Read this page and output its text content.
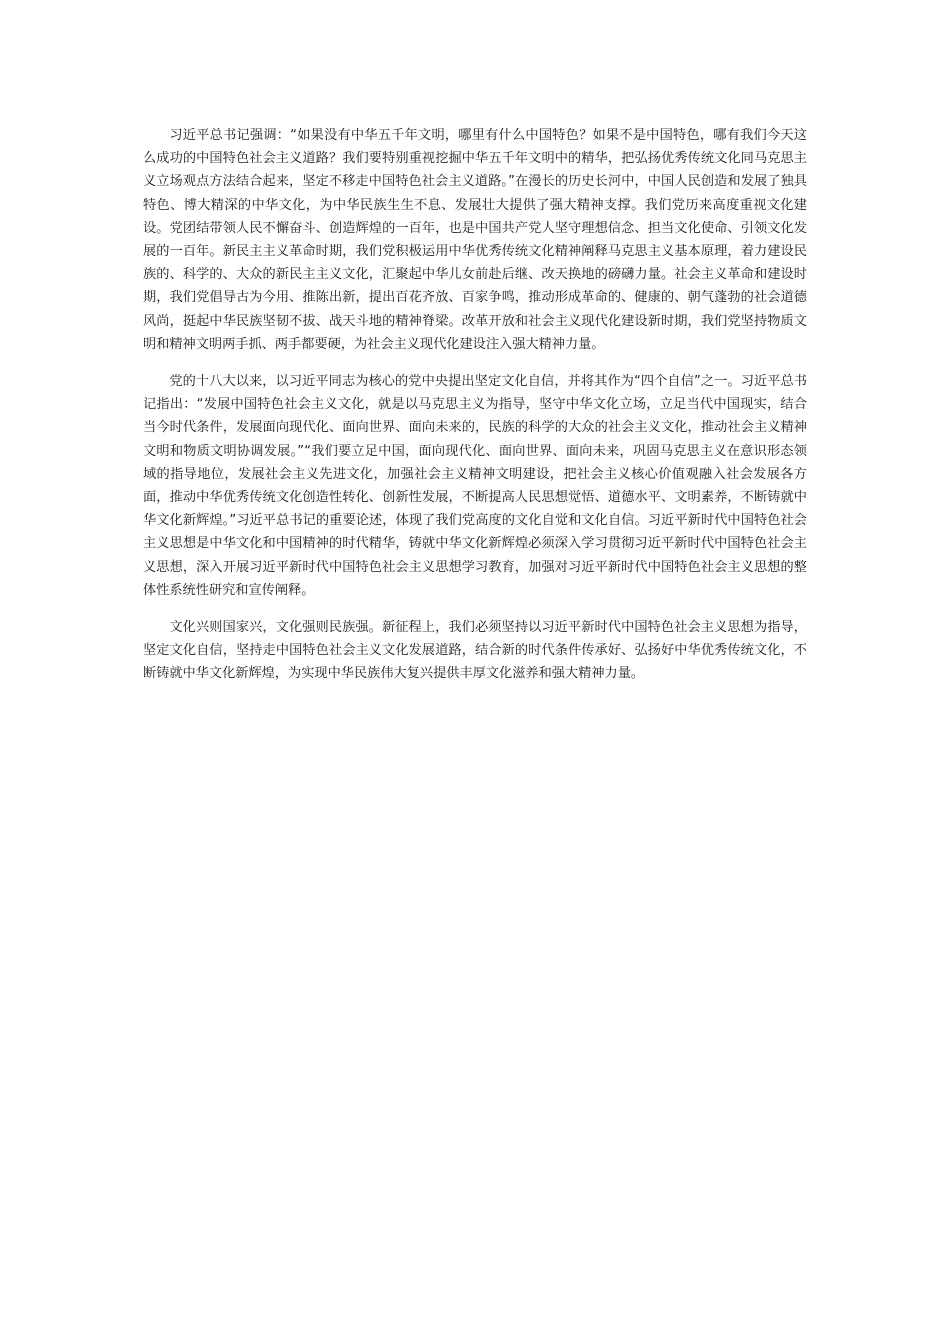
习近平总书记强调：“如果没有中华五千年文明，哪里有什么中国特色？如果不是中国特色，哪有我们今天这么成功的中国特色社会主义道路？我们要特别重视挖掘中华五千年文明中的精华，把弘扬优秀传统文化同马克思主义立场观点方法结合起来，坚定不移走中国特色社会主义道路。”在漫长的历史长河中，中国人民创造和发展了独具特色、博大精深的中华文化，为中华民族生生不息、发展壮大提供了强大精神支撑。我们党历来高度重视文化建设。党团结带领人民不懈奋斗、创造辉煌的一百年，也是中国共产党人坚守理想信念、担当文化使命、引领文化发展的一百年。新民主主义革命时期，我们党积极运用中华优秀传统文化精神阐释马克思主义基本原理，着力建设民族的、科学的、大众的新民主主义文化，汇聚起中华儿女前赴后继、改天换地的磅礴力量。社会主义革命和建设时期，我们党倡导古为今用、推陈出新，提出百花齐放、百家争鸣，推动形成革命的、健康的、朝气蓬勃的社会道德风尚，挺起中华民族坚韧不拔、战天斗地的精神脊梁。改革开放和社会主义现代化建设新时期，我们党坚持物质文明和精神文明两手抓、两手都要硬，为社会主义现代化建设注入强大精神力量。

党的十八大以来，以习近平同志为核心的党中央提出坚定文化自信，并将其作为“四个自信”之一。习近平总书记指出：“发展中国特色社会主义文化，就是以马克思主义为指导，坚守中华文化立场，立足当代中国现实，结合当今时代条件，发展面向现代化、面向世界、面向未来的，民族的科学的大众的社会主义文化，推动社会主义精神文明和物质文明协调发展。”“我们要立足中国，面向现代化、面向世界、面向未来，巩固马克思主义在意识形态领域的指导地位，发展社会主义先进文化，加强社会主义精神文明建设，把社会主义核心价值观融入社会发展各方面，推动中华优秀传统文化创造性转化、创新性发展，不断提高人民思想觉悟、道德水平、文明素养，不断铸就中华文化新辉煌。”习近平总书记的重要论述，体现了我们党高度的文化自觉和文化自信。习近平新时代中国特色社会主义思想是中华文化和中国精神的时代精华，铸就中华文化新辉煌必须深入学习贯彻习近平新时代中国特色社会主义思想，深入开展习近平新时代中国特色社会主义思想学习教育，加强对习近平新时代中国特色社会主义思想的整体性系统性研究和宣传阐释。

文化兴则国家兴，文化强则民族强。新征程上，我们必须坚持以习近平新时代中国特色社会主义思想为指导，坚定文化自信，坚持走中国特色社会主义文化发展道路，结合新的时代条件传承好、弘扬好中华优秀传统文化，不断铸就中华文化新辉煌，为实现中华民族伟大复兴提供丰厚文化滋养和强大精神力量。
